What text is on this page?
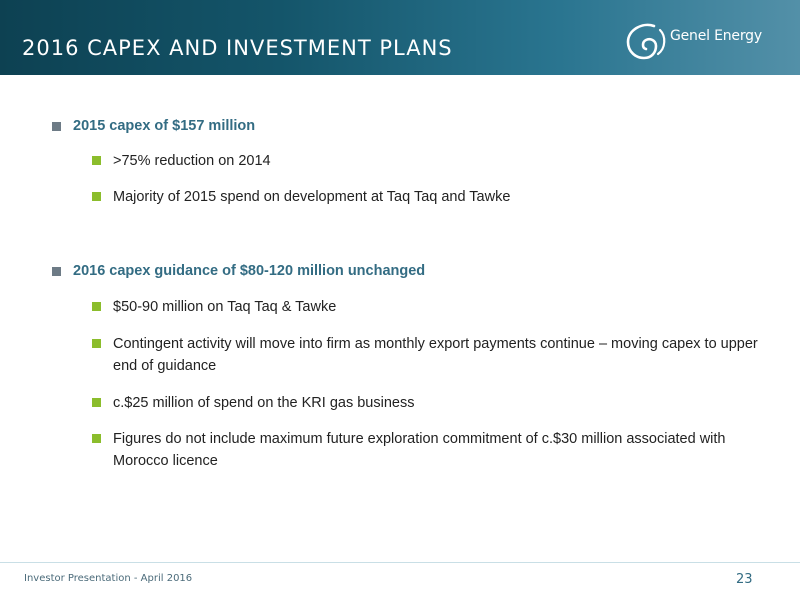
2016 CAPEX AND INVESTMENT PLANS	Genel Energy
2015 capex of $157 million
>75% reduction on 2014
Majority of 2015 spend on development at Taq Taq and Tawke
2016 capex guidance of $80-120 million unchanged
$50-90 million on Taq Taq & Tawke
Contingent activity will move into firm as monthly export payments continue – moving capex to upper end of guidance
c.$25 million of spend on the KRI gas business
Figures do not include maximum future exploration commitment of c.$30 million associated with Morocco licence
Investor Presentation - April 2016	23
